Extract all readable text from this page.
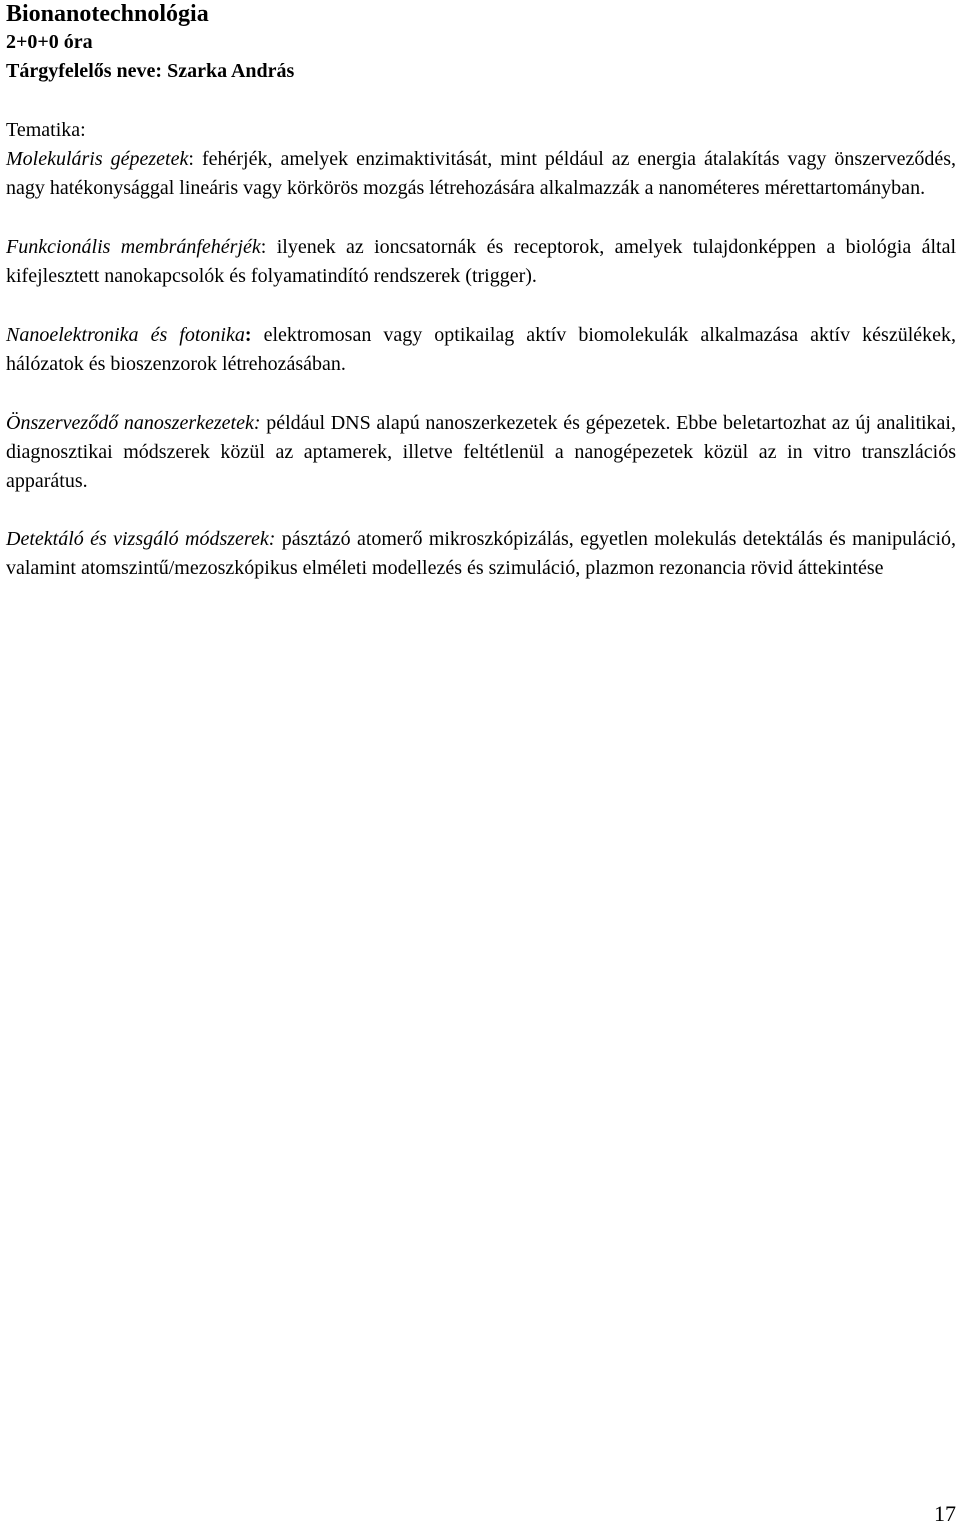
Bionanotechnológia
2+0+0 óra
Tárgyfelelős neve: Szarka András

Tematika:

Molekuláris gépezetek: fehérjék, amelyek enzimaktivitását, mint például az energia átalakítás vagy önszerveződés, nagy hatékonysággal lineáris vagy körkörös mozgás létrehozására alkalmazzák a nanométeres mérettartományban.

Funkcionális membránfehérjék: ilyenek az ioncsatornák és receptorok, amelyek tulajdonképpen a biológia által kifejlesztett nanokapcsolók és folyamatindító rendszerek (trigger).

Nanoelektronika és fotonika: elektromosan vagy optikailag aktív biomolekulák alkalmazása aktív készülékek, hálózatok és bioszenzorok létrehozásában.

Önszerveződő nanoszerkezetek: például DNS alapú nanoszerkezetek és gépezetek. Ebbe beletartozhat az új analitikai, diagnosztikai módszerek közül az aptamerek, illetve feltétlenül a nanogépezetek közül az in vitro transzlációs apparátus.

Detektáló és vizsgáló módszerek: pásztázó atomerő mikroszkópizálás, egyetlen molekulás detektálás és manipuláció, valamint atomszintű/mezoszkópikus elméleti modellezés és szimuláció, plazmon rezonancia rövid áttekintése

17
